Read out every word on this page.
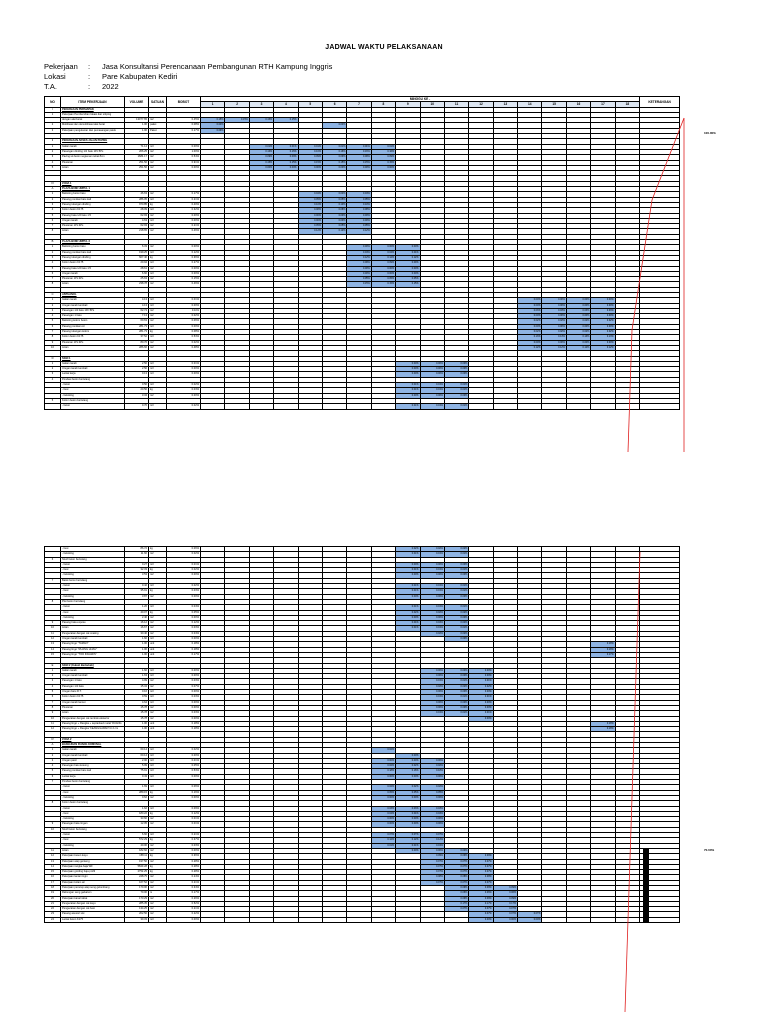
JADWAL WAKTU PELAKSANAAN
Pekerjaan : Jasa Konsultansi Perencanaan Pembangunan RTH Kampung Inggris
Lokasi	: Pare Kabupaten Kediri
T.A.	: 2022
NO	ITEM PEKERJAAN	VOLUME	SATUAN	BOBOT	MINGGU KE -																		KETERANGAN
					1	2	3	4	5	6	7	8	9	10	11	12	13	14	15	16	17	18	
I	PEKERJAAN PERSIAPAN																						
1	Pekerjaan Pembersihan lokasi dan striping																						
	dengan alat berat	13077.65	m2	0.45%	0.15%	0.15%	0.15%	0.15%															
2	Mobilisasi dan demobilisasi alat berat	1.00	paket	0.08%	0.04%					0.04%													
3	Pekerjaan pengukuran dan pemasangan patok	1.00	Paket	0.17%	0.09%																		

II	PEKERJAAN AKSES JALAN PAVING																						
1	Galian tanah	71.14	m3	0.00%			0.01%	0.01%	0.01%	0.01%	0.01%	0.01%											
2	Pasangan dinding 1/2 batu 1Pc:5Ps	206.25	m2	1.00%			0.16%	0.16%	0.16%	0.16%	0.16%	0.16%											
3	Paving uk.beton segienam tebal 8cm	1684.17	m2	0.54%			0.09%	0.09%	0.09%	0.09%	0.09%	0.09%											
4	Plesteran	251.56	m2	0.91%			0.15%	0.15%	0.15%	0.15%	0.15%	0.15%											
5	Acian	251.56	m2	0.00%			0.00%	0.00%	0.00%	0.00%	0.00%	0.00%											

III	ZONA 1																						
A	PLAZA BUMI UMPUL 1																						
1	Bekisting beton batu	46.63	m2	0.17%					0.04%	0.04%	0.04%												
2	Pasang pondasi batu kali	286.05	m3	0.21%					0.05%	0.05%	0.05%												
3	Pasang tulangan dinding	970.85	kg	0.40%					0.10%	0.10%	0.10%												
4	Kolom beton K175	28.09	m3	0.32%					0.08%	0.08%	0.08%												
5	Pasang bata 1/2 batu 1:5	62.93	m2	0.00%					0.00%	0.00%	0.00%												
6	Urugan tanah	4.63	m3	0.00%					0.00%	0.00%	0.00%												
7	Plesteran 1Pc:4Ps	62.93	m2	0.21%					0.05%	0.05%	0.05%												
8	Acian	218.65	m2	0.46%					0.12%	0.12%	0.12%												

B	PLAZA BUMI UMPUL 2																						
1	Bekisting beton batu	6.33	m2	0.00%							0.00%	0.00%	0.00%										
2	Pasang pondasi batu kali	199.25	m3	0.12%							0.04%	0.04%	0.04%										
3	Pasang tulangan dinding	607.40	kg	0.36%							0.12%	0.12%	0.12%										
4	Kolom beton K175	20.94	m3	0.27%							0.09%	0.09%	0.09%										
5	Pasang bata 1/2 batu 1:5	28.61	m2	0.00%							0.00%	0.00%	0.00%										
6	Urugan tanah	6.60	m3	0.00%							0.00%	0.00%	0.00%										
7	Plesteran 1Pc:4Ps	25.63	m2	0.15%							0.05%	0.05%	0.05%										
8	Acian	238.78	m2	0.46%							0.15%	0.15%	0.15%										

C	ANTHANOL																						
1	Galian tanah	4.13	m3	0.01%														0.00%	0.00%	0.00%	0.00%		
2	Urugan tanah kembali	4.13	m3	0.00%														0.00%	0.00%	0.00%	0.00%		
3	Pasangan 1/2 batu 1Pc:5Ps	62.74	m2	0.11%														0.03%	0.03%	0.03%	0.03%		
4	Pasangan 1 batu	7.13	m2	0.02%														0.00%	0.00%	0.00%	0.00%		
5	Bekisting kolom beton	60.63	m2	0.06%														0.02%	0.02%	0.02%	0.02%		
6	Pasang pondasi cor	281.73	m3	0.00%														0.00%	0.00%	0.00%	0.00%		
7	Pasang tulangan kolom	281.73	kg	0.08%														0.02%	0.02%	0.02%	0.02%		
8	Kolom beton K175	37.52	m3	0.53%														0.13%	0.13%	0.13%	0.13%		
9	Plesteran 1Pc:4Ps	80.76	m2	0.02%														0.00%	0.00%	0.00%	0.00%		
10	Acian	286.66	m2	0.48%														0.12%	0.12%	0.12%	0.12%		

D	SIGN 1																						
1	Galian tanah	2.50	m3	0.01%									0.00%	0.00%	0.00%								
2	Urugan tanah kembali	2.50	m3	0.00%									0.00%	0.00%	0.00%								
3	Lantai kerja	0.13	m3	0.00%									0.00%	0.00%	0.00%								
4	Pondasi beton bertulang																						
	- beton	0.50	m3	0.02%									0.01%	0.01%	0.01%								
	- besi	20.50	kg	0.03%									0.01%	0.01%	0.01%								
	- bekisting	3.34	m2	0.00%									0.00%	0.00%	0.00%								
5	Kolom beton bertulang																						
	- beton	0.70	m3	0.02%									0.01%	0.01%	0.01%								
	- besi	86.72	kg	0.06%									0.02%	0.02%	0.02%								
	- bekisting	11.60	m2	0.02%									0.01%	0.01%	0.01%								
6	Sloof beton bertulang																						
	- beton	0.27	m3	0.01%									0.00%	0.00%	0.00%								
	- besi	32.33	kg	0.02%									0.01%	0.01%	0.01%								
	- bekisting	3.53	m2	0.00%									0.00%	0.00%	0.00%								
7	Balok beton bertulang																						
	- beton	0.42	m3	0.02%									0.01%	0.01%	0.01%								
	- besi	35.91	kg	0.03%									0.01%	0.01%	0.01%								
	- bekisting	3.87	m2	0.00%									0.00%	0.00%	0.00%								
8	Plat beton bertulang																						
	- beton	1.26	m3	0.04%									0.01%	0.01%	0.01%								
	- besi	40.07	kg	0.05%									0.02%	0.02%	0.02%								
	- bekisting	2.40	m2	0.00%									0.00%	0.00%	0.00%								
9	Pasang bata expose	16.12	m2	0.12%									0.04%	0.04%	0.04%								
10	Acian	16.67	m2	0.03%									0.01%	0.01%	0.01%								
11	Pengecatan dengan cat coating	30.40	m2	0.04%										0.02%	0.02%								
12	Urugan tanah kembali	1.60	m3	0.00%											0.00%								
13	Pasang lingo "TAMAN"	1.00	unit	0.18%																	0.18%		
14	Pasang lingo "RUANG HIJAU"	1.00	unit	0.18%																	0.18%		
15	Pasang lingo "TOD INGGRIS"	1.00	unit	0.17%																	0.17%		

E	SIGN 2 (Kubah Berkubah)																						
1	Galian tanah	1.60	m3	0.00%										0.00%	0.00%	0.00%							
2	Urugan tanah kembali	1.63	m3	0.00%										0.00%	0.00%	0.00%							
3	Pasangan 1 batu	4.99	m2	0.03%										0.01%	0.01%	0.01%							
4	Pasangan 1/2 batu	15.34	m2	0.07%										0.02%	0.02%	0.02%							
5	Urugan batu R.T.	0.16	m3	0.00%										0.00%	0.00%	0.00%							
6	Kolom beton K175	0.59	m3	0.03%										0.01%	0.01%	0.01%							
7	Urugan tanah lanout	4.64	m3	0.00%										0.00%	0.00%	0.00%							
8	Plesteran	15.78	m2	0.00%										0.00%	0.00%	0.00%							
9	Acian	15.78	m2	0.03%										0.01%	0.01%	0.01%							
10	Pengecatan dengan cat tembok eksterior	15.78	m2	0.00%												0.00%							
11	Pasang lingo + Rangka + septanked metal 'RUANG	1.00	unit	0.18%																	0.18%		
12	Pasang lingo + Rangka 'KEANGGARAN' bt 2 cm	1.00	unit	0.18%																	0.18%		

IV	ZONA 2																						
A	BANGUNAN RUANG KOMUNAL																						
1	Galian tanah	60.14	m3	0.02%								0.02%											
2	Urugan tanah kembali	60.14	m3	0.00%									0.00%										
3	Urugan pasir	2.00	m3	0.01%								0.00%	0.00%	0.00%									
4	Pasangan batu kosong	5.99	m3	0.05%								0.02%	0.02%	0.02%									
5	Pasang pondasi batu kali	75.91	m3	0.53%								0.18%	0.18%	0.18%									
6	Lantai kerja	0.43	m3	0.00%								0.00%	0.00%	0.00%									
7	Pondasi beton bertulang																						
	- beton	1.69	m3	0.06%								0.02%	0.02%	0.02%									
	- besi	289.15	kg	0.16%								0.05%	0.05%	0.05%									
	- bekisting	0.62	m2	0.00%								0.00%	0.00%	0.00%									
8	Kolom beton bertulang																						
	- beton	1.62	m3	0.09%								0.03%	0.03%	0.03%									
	- besi	180.22	kg	0.12%								0.04%	0.04%	0.04%									
	- bekisting	33.60	m2	0.01%								0.00%	0.00%	0.00%									
9	Pasangan bata ringan	12.05	m2	0.01%								0.00%	0.00%	0.00%									
10	Sloof beton bertulang																						
	- beton	6.60	m3	0.21%								0.07%	0.07%	0.07%									
	- besi	572.29	kg	0.37%								0.12%	0.12%	0.12%									
	- bekisting	40.00	m2	0.03%								0.01%	0.01%	0.01%									
11	Acian	182.60	m2	0.00%									0.00%	0.00%	0.00%								

12	Pekerjaan kusen kayu	158.11	kg	0.36%										0.09%	0.09%	0.09%							

13	Pekerjaan atap genteng	197.50	m2	0.28%										0.07%	0.07%	0.07%							

14	Pekerjaan rangka baja WF	5840.28	kg	0.28%										0.07%	0.07%	0.07%							

15	Pekerjaan gording baja profil	2752.25	kg	0.28%										0.07%	0.07%	0.07%							

16	Pekerjaan lantai ringin	248.75	m2	0.24%										0.08%	0.08%	0.08%							

17	Pekerjaan kolam air	167.52	m2	0.21%										0.07%	0.07%	0.07%							

18	Pekerjaan penutup atap seng gelombang	170.00	m2	0.34%											0.09%	0.09%	0.09%						

19	Rabungan seng galvalum	70.00	m	0.17%											0.06%	0.06%	0.06%						

20	Pekerjaan kanal rabat	173.29	m2	0.26%											0.09%	0.09%	0.09%						

21	Pengecatan dengan cat kayu	285.35	m2	0.52%											0.17%	0.17%	0.17%						

22	Pengecatan dengan cat besi	134.25	m2	0.21%											0.07%	0.07%	0.07%						

23	Pasang asesori sisi	202.50	m2	0.22%												0.07%	0.07%	0.07%					

24	Lantai beton K175	30.33	m3	0.00%												0.00%	0.00%	0.00%					
100.00%
70.00%
